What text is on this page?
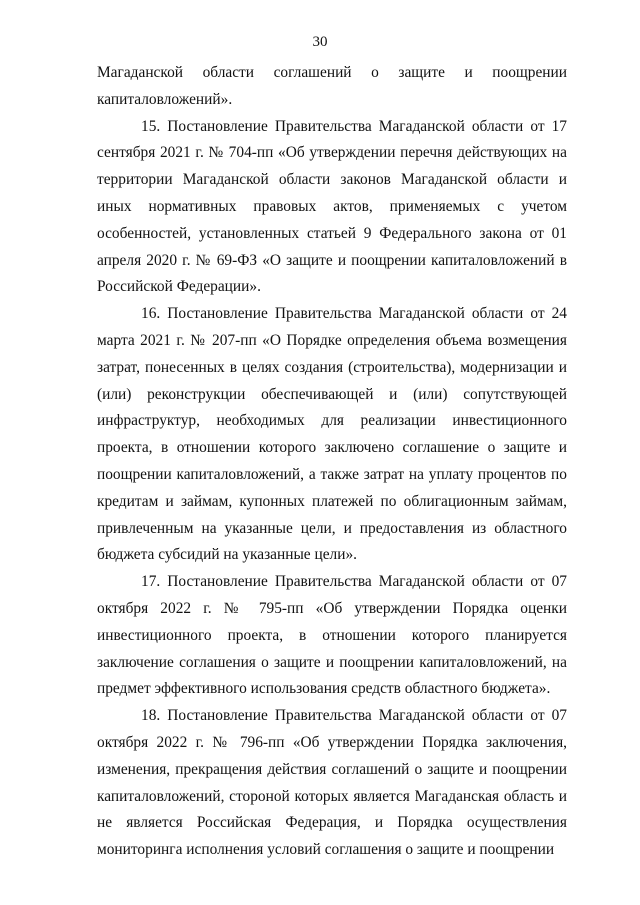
30

Магаданской области соглашений о защите и поощрении капиталовложений».

15. Постановление Правительства Магаданской области от 17 сентября 2021 г. № 704-пп «Об утверждении перечня действующих на территории Магаданской области законов Магаданской области и иных нормативных правовых актов, применяемых с учетом особенностей, установленных статьей 9 Федерального закона от 01 апреля 2020 г. № 69-ФЗ «О защите и поощрении капиталовложений в Российской Федерации».

16. Постановление Правительства Магаданской области от 24 марта 2021 г. № 207-пп «О Порядке определения объема возмещения затрат, понесенных в целях создания (строительства), модернизации и (или) реконструкции обеспечивающей и (или) сопутствующей инфраструктур, необходимых для реализации инвестиционного проекта, в отношении которого заключено соглашение о защите и поощрении капиталовложений, а также затрат на уплату процентов по кредитам и займам, купонных платежей по облигационным займам, привлеченным на указанные цели, и предоставления из областного бюджета субсидий на указанные цели».

17. Постановление Правительства Магаданской области от 07 октября 2022 г. № 795-пп «Об утверждении Порядка оценки инвестиционного проекта, в отношении которого планируется заключение соглашения о защите и поощрении капиталовложений, на предмет эффективного использования средств областного бюджета».

18. Постановление Правительства Магаданской области от 07 октября 2022 г. № 796-пп «Об утверждении Порядка заключения, изменения, прекращения действия соглашений о защите и поощрении капиталовложений, стороной которых является Магаданская область и не является Российская Федерация, и Порядка осуществления мониторинга исполнения условий соглашения о защите и поощрении
